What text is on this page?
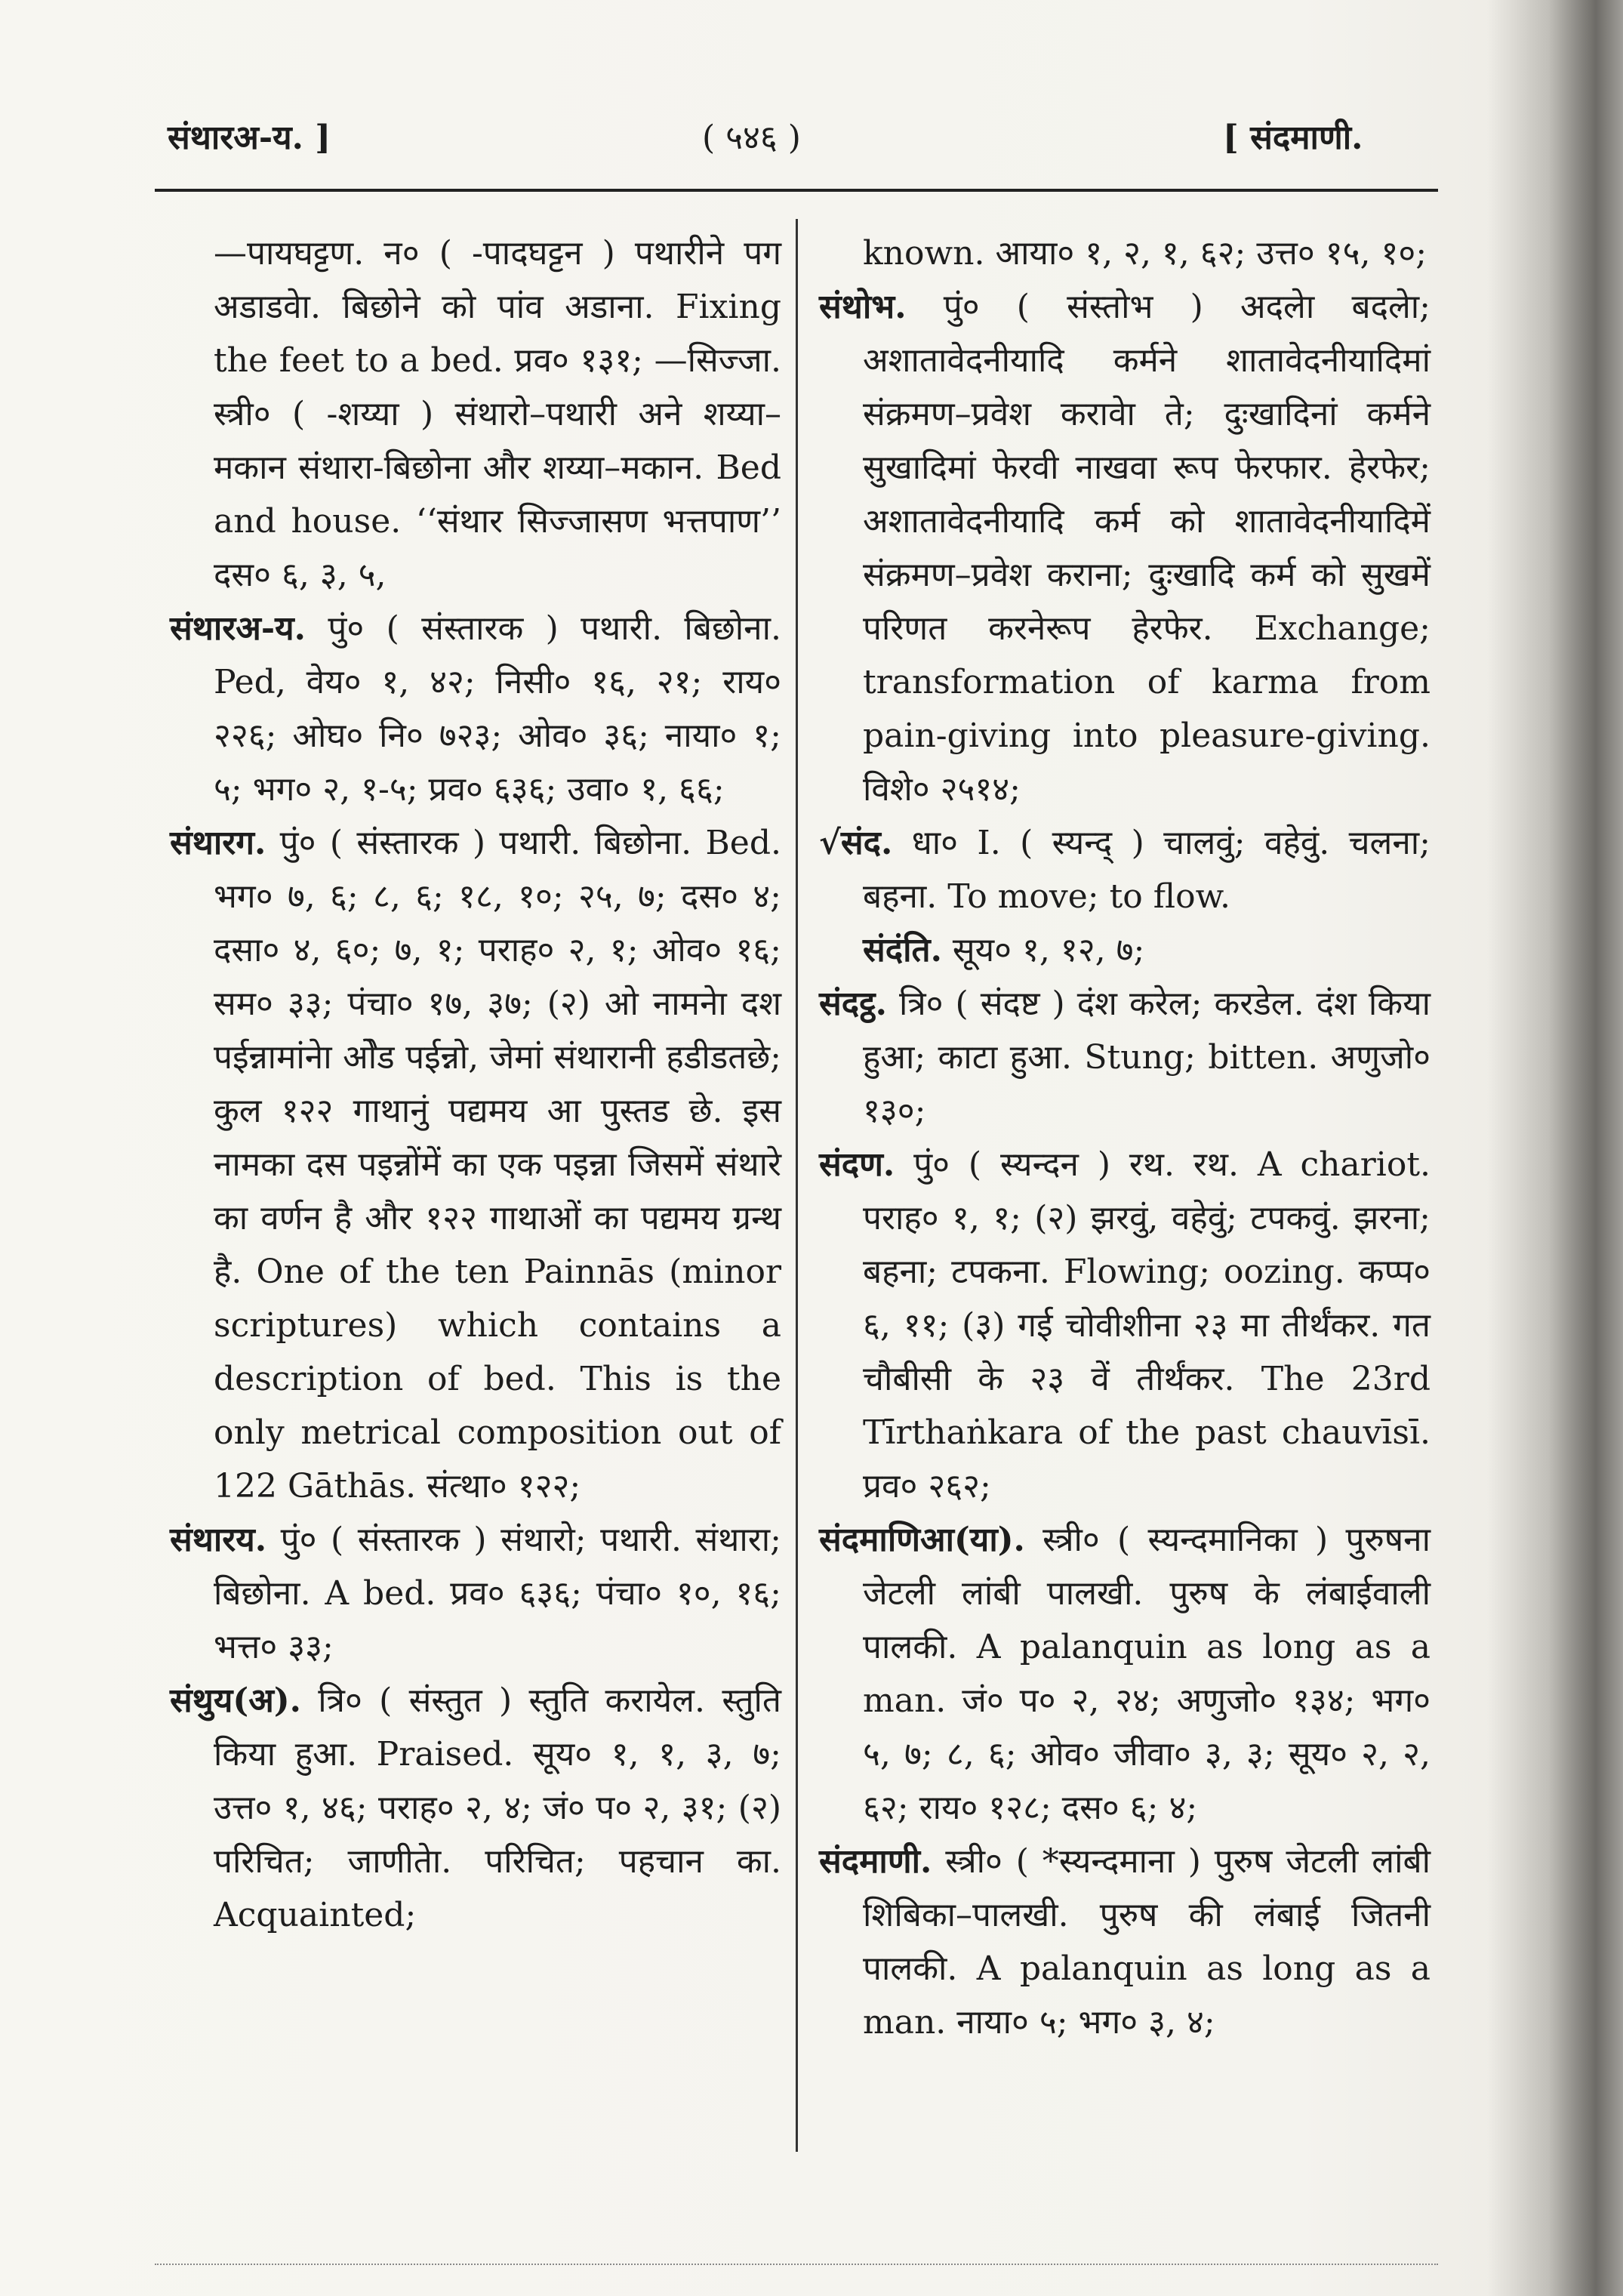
संथारअ-य. ]	( ५४६ )	[ संदमाणी.

—पायघट्टण. न० ( -पादघट्टन ) पथारीने पग अडाडवेा. बिछोने को पांव अडाना. Fixing the feet to a bed. प्रव० १३१; —सिज्जा. स्त्री० ( -शय्या ) संथारो–पथारी अने शय्या–मकान संथारा-बिछोना और शय्या–मकान. Bed and house. ‘‘संथार सिज्जासण भत्तपाण’’ दस० ६, ३, ५,

संथारअ-य. पुं० ( संस्तारक ) पथारी. बिछोना. Ped, वेय० १, ४२; निसी० १६, २१; राय० २२६; ओघ० नि० ७२३; ओव० ३६; नाया० १; ५; भग० २, १-५; प्रव० ६३६; उवा० १, ६६;

संथारग. पुं० ( संस्तारक ) पथारी. बिछोना. Bed. भग० ७, ६; ८, ६; १८, १०; २५, ७; दस० ४; दसा० ४, ६०; ७, १; पराह० २, १; ओव० १६; सम० ३३; पंचा० १७, ३७; (२) ओ नामनेा दश पईन्नामांनेा ओेड पईन्नो, जेमां संथारानी हडीडतछे; कुल १२२ गाथानुं पद्यमय आ पुस्तड छे. इस नामका दस पइन्नोंमें का एक पइन्ना जिसमें संथारे का वर्णन है और १२२ गाथाओं का पद्यमय ग्रन्थ है. One of the ten Painnās (minor scriptures) which contains a description of bed. This is the only metrical composition out of 122 Gāthās. संत्था० १२२;

संथारय. पुं० ( संस्तारक ) संथारो; पथारी. संथारा; बिछोना. A bed. प्रव० ६३६; पंचा० १०, १६; भत्त० ३३;

संथुय(अ). त्रि० ( संस्तुत ) स्तुति करायेल. स्तुति किया हुआ. Praised. सूय० १, १, ३, ७; उत्त० १, ४६; पराह० २, ४; जं० प० २, ३१; (२) परिचित; जाणीतेा. परिचित; पहचान का. Acquainted;

known. आया० १, २, १, ६२; उत्त० १५, १०;

संथोभ. पुं० ( संस्तोभ ) अदलेा बदलेा; अशातावेदनीयादि कर्मने शातावेदनीयादिमां संक्रमण–प्रवेश करावेा ते; दुःखादिनां कर्मने सुखादिमां फेरवी नाखवा रूप फेरफार. हेरफेर; अशातावेदनीयादि कर्म को शातावेदनीयादिमें संक्रमण–प्रवेश कराना; दुःखादि कर्म को सुखमें परिणत करनेरूप हेरफेर. Exchange; transformation of karma from pain-giving into pleasure-giving. विशे० २५१४;

√संद. धा० I. ( स्यन्द् ) चालवुं; वहेवुं. चलना; बहना. To move; to flow.

संदंति. सूय० १, १२, ७;

संदट्ठ. त्रि० ( संदष्ट ) दंश करेल; करडेल. दंश किया हुआ; काटा हुआ. Stung; bitten. अणुजो० १३०;

संदण. पुं० ( स्यन्दन ) रथ. रथ. A chariot. पराह० १, १; (२) झरवुं, वहेवुं; टपकवुं. झरना; बहना; टपकना. Flowing; oozing. कप्प० ६, ११; (३) गई चोवीशीना २३ मा तीर्थंकर. गत चौबीसी के २३ वें तीर्थंकर. The 23rd Tīrthaṅkara of the past chauvīsī. प्रव० २६२;

संदमाणिआ(या). स्त्री० ( स्यन्दमानिका ) पुरुषना जेटली लांबी पालखी. पुरुष के लंबाईवाली पालकी. A palanquin as long as a man. जं० प० २, २४; अणुजो० १३४; भग० ५, ७; ८, ६; ओव० जीवा० ३, ३; सूय० २, २, ६२; राय० १२८; दस० ६; ४;

संदमाणी. स्त्री० ( *स्यन्दमाना ) पुरुष जेटली लांबी शिबिका–पालखी. पुरुष की लंबाई जितनी पालकी. A palanquin as long as a man. नाया० ५; भग० ३, ४;
